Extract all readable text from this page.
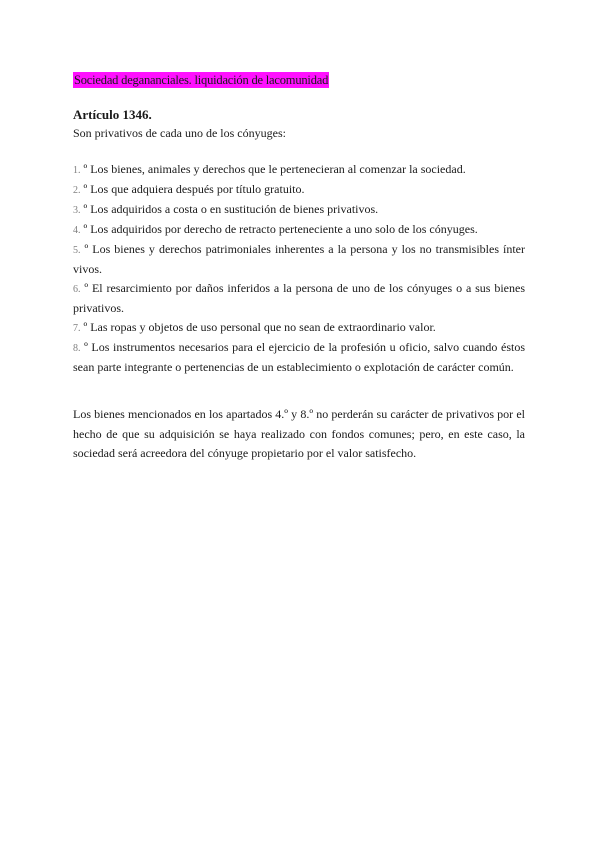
Sociedad degananciales. liquidación de lacomunidad
Artículo 1346.
Son privativos de cada uno de los cónyuges:

1. º Los bienes, animales y derechos que le pertenecieran al comenzar la sociedad.

2. º Los que adquiera después por título gratuito.

3. º Los adquiridos a costa o en sustitución de bienes privativos.

4. º Los adquiridos por derecho de retracto perteneciente a uno solo de los cónyuges.

5. º Los bienes y derechos patrimoniales inherentes a la persona y los no transmisibles ínter vivos.

6. º El resarcimiento por daños inferidos a la persona de uno de los cónyuges o a sus bienes privativos.

7. º Las ropas y objetos de uso personal que no sean de extraordinario valor.

8. º Los instrumentos necesarios para el ejercicio de la profesión u oficio, salvo cuando éstos sean parte integrante o pertenencias de un establecimiento o explotación de carácter común.

Los bienes mencionados en los apartados 4.º y 8.º no perderán su carácter de privativos por el hecho de que su adquisición se haya realizado con fondos comunes; pero, en este caso, la sociedad será acreedora del cónyuge propietario por el valor satisfecho.
